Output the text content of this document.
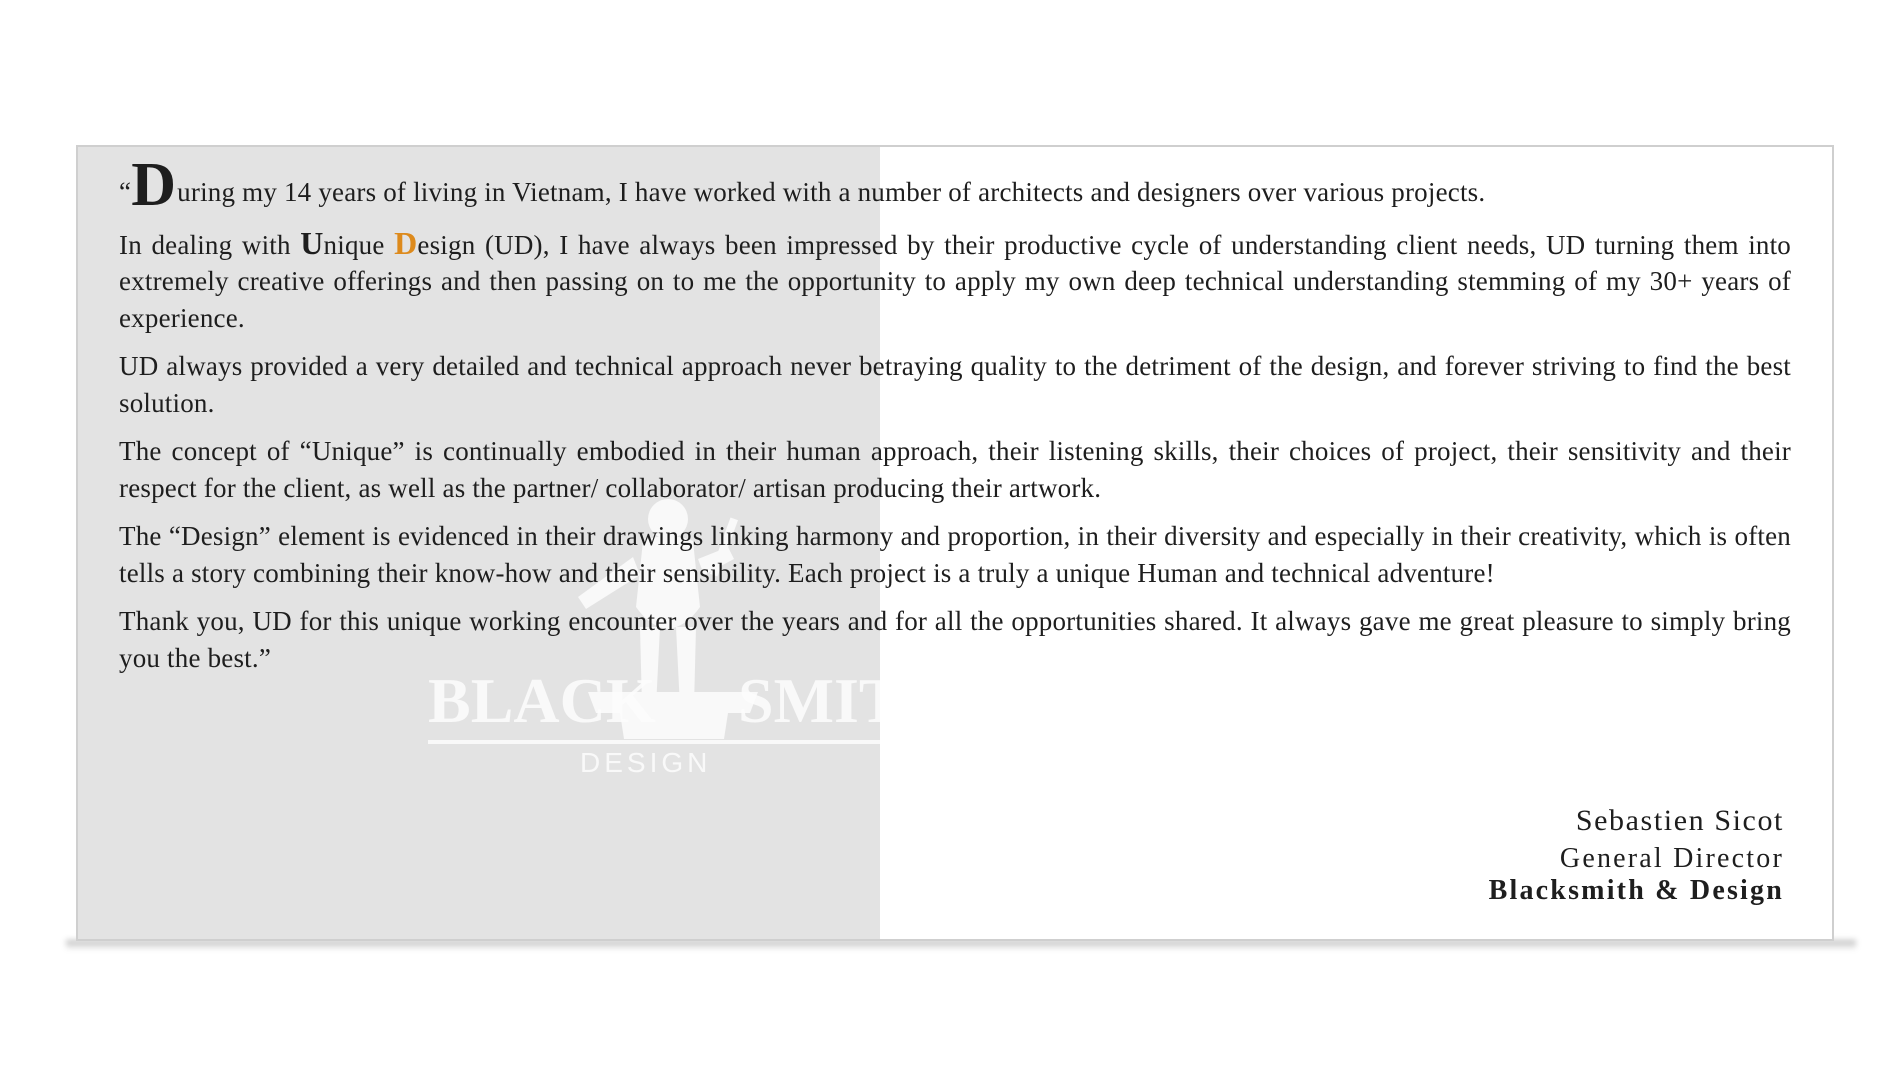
BLACK SMITH
DESIGN

“During my 14 years of living in Vietnam, I have worked with a number of architects and designers over various projects.

In dealing with Unique Design (UD), I have always been impressed by their productive cycle of understanding client needs, UD turning them into extremely creative offerings and then passing on to me the opportunity to apply my own deep technical understanding stemming of my 30+ years of experience.

UD always provided a very detailed and technical approach never betraying quality to the detriment of the design, and forever striving to find the best solution.

The concept of “Unique” is continually embodied in their human approach, their listening skills, their choices of project, their sensitivity and their respect for the client, as well as the partner/ collaborator/ artisan producing their artwork.

The “Design” element is evidenced in their drawings linking harmony and proportion, in their diversity and especially in their creativity, which is often tells a story combining their know-how and their sensibility. Each project is a truly a unique Human and technical adventure!

Thank you, UD for this unique working encounter over the years and for all the opportunities shared. It always gave me great pleasure to simply bring you the best.”

Sebastien Sicot
General Director
Blacksmith & Design
